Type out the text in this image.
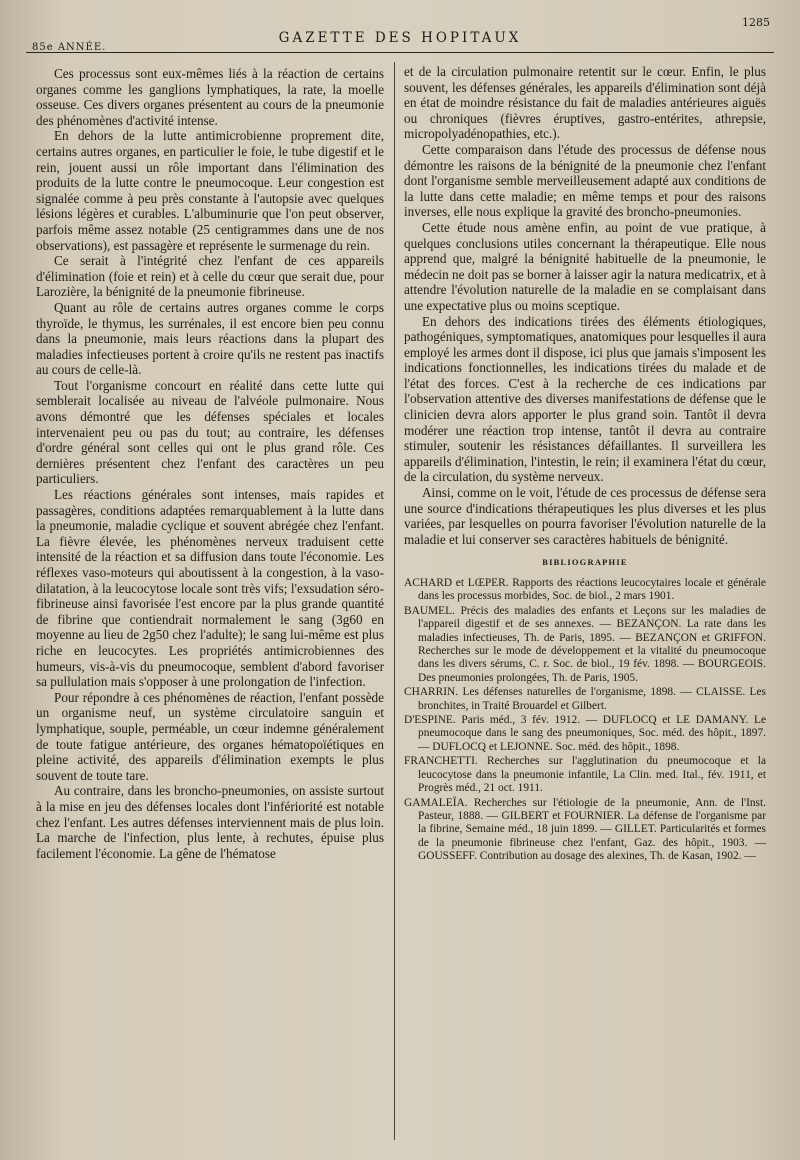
85e ANNÉE.
GAZETTE DES HOPITAUX
1285

Ces processus sont eux-mêmes liés à la réaction de certains organes comme les ganglions lymphatiques, la rate, la moelle osseuse. Ces divers organes présentent au cours de la pneumonie des phénomènes d'activité intense.

En dehors de la lutte antimicrobienne proprement dite, certains autres organes, en particulier le foie, le tube digestif et le rein, jouent aussi un rôle important dans l'élimination des produits de la lutte contre le pneumocoque. Leur congestion est signalée comme à peu près constante à l'autopsie avec quelques lésions légères et curables. L'albuminurie que l'on peut observer, parfois même assez notable (25 centigrammes dans une de nos observations), est passagère et représente le surmenage du rein.

Ce serait à l'intégrité chez l'enfant de ces appareils d'élimination (foie et rein) et à celle du cœur que serait due, pour Larozière, la bénignité de la pneumonie fibrineuse.

Quant au rôle de certains autres organes comme le corps thyroïde, le thymus, les surrénales, il est encore bien peu connu dans la pneumonie, mais leurs réactions dans la plupart des maladies infectieuses portent à croire qu'ils ne restent pas inactifs au cours de celle-là.

Tout l'organisme concourt en réalité dans cette lutte qui semblerait localisée au niveau de l'alvéole pulmonaire. Nous avons démontré que les défenses spéciales et locales intervenaient peu ou pas du tout; au contraire, les défenses d'ordre général sont celles qui ont le plus grand rôle. Ces dernières présentent chez l'enfant des caractères un peu particuliers.

Les réactions générales sont intenses, mais rapides et passagères, conditions adaptées remarquablement à la lutte dans la pneumonie, maladie cyclique et souvent abrégée chez l'enfant. La fièvre élevée, les phénomènes nerveux traduisent cette intensité de la réaction et sa diffusion dans toute l'économie. Les réflexes vaso-moteurs qui aboutissent à la congestion, à la vaso-dilatation, à la leucocytose locale sont très vifs; l'exsudation séro-fibrineuse ainsi favorisée l'est encore par la plus grande quantité de fibrine que contiendrait normalement le sang (3g60 en moyenne au lieu de 2g50 chez l'adulte); le sang lui-même est plus riche en leucocytes. Les propriétés antimicrobiennes des humeurs, vis-à-vis du pneumocoque, semblent d'abord favoriser sa pullulation mais s'opposer à une prolongation de l'infection.

Pour répondre à ces phénomènes de réaction, l'enfant possède un organisme neuf, un système circulatoire sanguin et lymphatique, souple, perméable, un cœur indemne généralement de toute fatigue antérieure, des organes hématopoïétiques en pleine activité, des appareils d'élimination exempts le plus souvent de toute tare.

Au contraire, dans les broncho-pneumonies, on assiste surtout à la mise en jeu des défenses locales dont l'infériorité est notable chez l'enfant. Les autres défenses interviennent mais de plus loin. La marche de l'infection, plus lente, à rechutes, épuise plus facilement l'économie. La gêne de l'hématose

et de la circulation pulmonaire retentit sur le cœur. Enfin, le plus souvent, les défenses générales, les appareils d'élimination sont déjà en état de moindre résistance du fait de maladies antérieures aiguës ou chroniques (fièvres éruptives, gastro-entérites, athrepsie, micropolyadénopathies, etc.).

Cette comparaison dans l'étude des processus de défense nous démontre les raisons de la bénignité de la pneumonie chez l'enfant dont l'organisme semble merveilleusement adapté aux conditions de la lutte dans cette maladie; en même temps et pour des raisons inverses, elle nous explique la gravité des broncho-pneumonies.

Cette étude nous amène enfin, au point de vue pratique, à quelques conclusions utiles concernant la thérapeutique. Elle nous apprend que, malgré la bénignité habituelle de la pneumonie, le médecin ne doit pas se borner à laisser agir la natura medicatrix, et à attendre l'évolution naturelle de la maladie en se complaisant dans une expectative plus ou moins sceptique.

En dehors des indications tirées des éléments étiologiques, pathogéniques, symptomatiques, anatomiques pour lesquelles il aura employé les armes dont il dispose, ici plus que jamais s'imposent les indications fonctionnelles, les indications tirées du malade et de l'état des forces. C'est à la recherche de ces indications par l'observation attentive des diverses manifestations de défense que le clinicien devra alors apporter le plus grand soin. Tantôt il devra modérer une réaction trop intense, tantôt il devra au contraire stimuler, soutenir les résistances défaillantes. Il surveillera les appareils d'élimination, l'intestin, le rein; il examinera l'état du cœur, de la circulation, du système nerveux.

Ainsi, comme on le voit, l'étude de ces processus de défense sera une source d'indications thérapeutiques les plus diverses et les plus variées, par lesquelles on pourra favoriser l'évolution naturelle de la maladie et lui conserver ses caractères habituels de bénignité.

BIBLIOGRAPHIE

ACHARD et LŒPER. Rapports des réactions leucocytaires locale et générale dans les processus morbides, Soc. de biol., 2 mars 1901.

BAUMEL. Précis des maladies des enfants et Leçons sur les maladies de l'appareil digestif et de ses annexes. — BEZANÇON. La rate dans les maladies infectieuses, Th. de Paris, 1895. — BEZANÇON et GRIFFON. Recherches sur le mode de développement et la vitalité du pneumocoque dans les divers sérums, C. r. Soc. de biol., 19 fév. 1898. — BOURGEOIS. Des pneumonies prolongées, Th. de Paris, 1905.

CHARRIN. Les défenses naturelles de l'organisme, 1898. — CLAISSE. Les bronchites, in Traité Brouardel et Gilbert.

D'ESPINE. Paris méd., 3 fév. 1912. — DUFLOCQ et LE DAMANY. Le pneumocoque dans le sang des pneumoniques, Soc. méd. des hôpit., 1897. — DUFLOCQ et LEJONNE. Soc. méd. des hôpit., 1898.

FRANCHETTI. Recherches sur l'agglutination du pneumocoque et la leucocytose dans la pneumonie infantile, La Clin. med. Ital., fév. 1911, et Progrès méd., 21 oct. 1911.

GAMALEÏA. Recherches sur l'étiologie de la pneumonie, Ann. de l'Inst. Pasteur, 1888. — GILBERT et FOURNIER. La défense de l'organisme par la fibrine, Semaine méd., 18 juin 1899. — GILLET. Particularités et formes de la pneumonie fibrineuse chez l'enfant, Gaz. des hôpit., 1903. — GOUSSEFF. Contribution au dosage des alexines, Th. de Kasan, 1902. —
